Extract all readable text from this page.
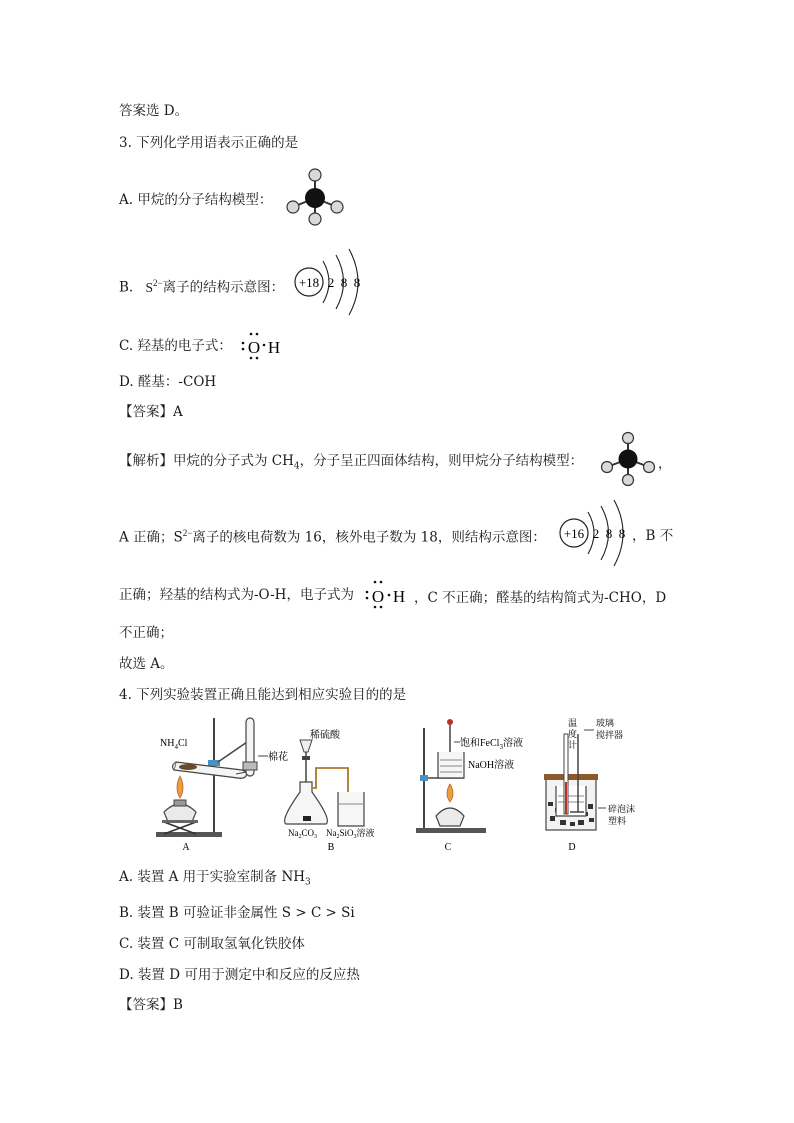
答案选 D。
3. 下列化学用语表示正确的是
A. 甲烷的分子结构模型：
B. $S^{2-}$离子的结构示意图： +18 2 8 8
C. 羟基的电子式： O H
D. 醛基：-COH
【答案】A
【解析】甲烷的分子式为 $CH_4$，分子呈正四面体结构，则甲烷分子结构模型：	，
A 正确；$S^{2-}$离子的核电荷数为 16，核外电子数为 18，则结构示意图： +16 2 8 8 ，B 不
正确；羟基的结构式为-O-H，电子式为 O H ，C 不正确；醛基的结构简式为-CHO，D
不正确；
故选 A。
4. 下列实验装置正确且能达到相应实验目的的是
$NH_4Cl$
棉花
A
稀硫酸
$Na_2CO_3$ $Na_2SiO_3$溶液
B
饱和FeCl$_3$溶液
NaOH溶液
C
温
度
计
玻璃
搅拌器
碎泡沫
塑料
D
A. 装置 A 用于实验室制备 $NH_3$
B. 装置 B 可验证非金属性 S > C > Si
C. 装置 C 可制取氢氧化铁胶体
D. 装置 D 可用于测定中和反应的反应热
【答案】B
